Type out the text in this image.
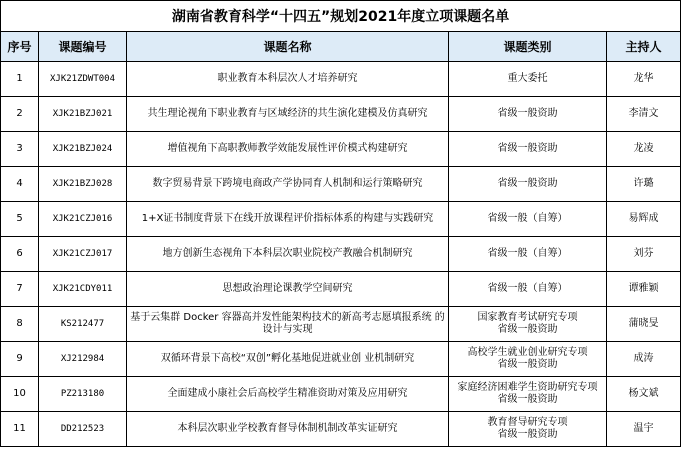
湖南省教育科学“十四五”规划2021年度立项课题名单				
序号	课题编号	课题名称	课题类别	主持人
1	XJK21ZDWT004	职业教育本科层次人才培养研究	重大委托	龙华
2	XJK21BZJ021	共生理论视角下职业教育与区域经济的共生演化建模及仿真研究	省级一般资助	李清文
3	XJK21BZJ024	增值视角下高职教师教学效能发展性评价模式构建研究	省级一般资助	龙凌
4	XJK21BZJ028	数字贸易背景下跨境电商政产学协同育人机制和运行策略研究	省级一般资助	许璐
5	XJK21CZJ016	1+X证书制度背景下在线开放课程评价指标体系的构建与实践研究	省级一般（自筹）	易辉成
6	XJK21CZJ017	地方创新生态视角下本科层次职业院校产教融合机制研究	省级一般（自筹）	刘芬
7	XJK21CDY011	思想政治理论课教学空间研究	省级一般（自筹）	谭雅颖
8	KS212477	基于云集群 Docker 容器高并发性能架构技术的新高考志愿填报系统 的设计与实现	国家教育考试研究专项
省级一般资助	蒲晓旻
9	XJ212984	双循环背景下高校“双创”孵化基地促进就业创 业机制研究	高校学生就业创业研究专项
省级一般资助	成涛
10	PZ213180	全面建成小康社会后高校学生精准资助对策及应用研究	家庭经济困难学生资助研究专项
省级一般资助	杨文斌
11	DD212523	本科层次职业学校教育督导体制机制改革实证研究	教育督导研究专项
省级一般资助	温宇
